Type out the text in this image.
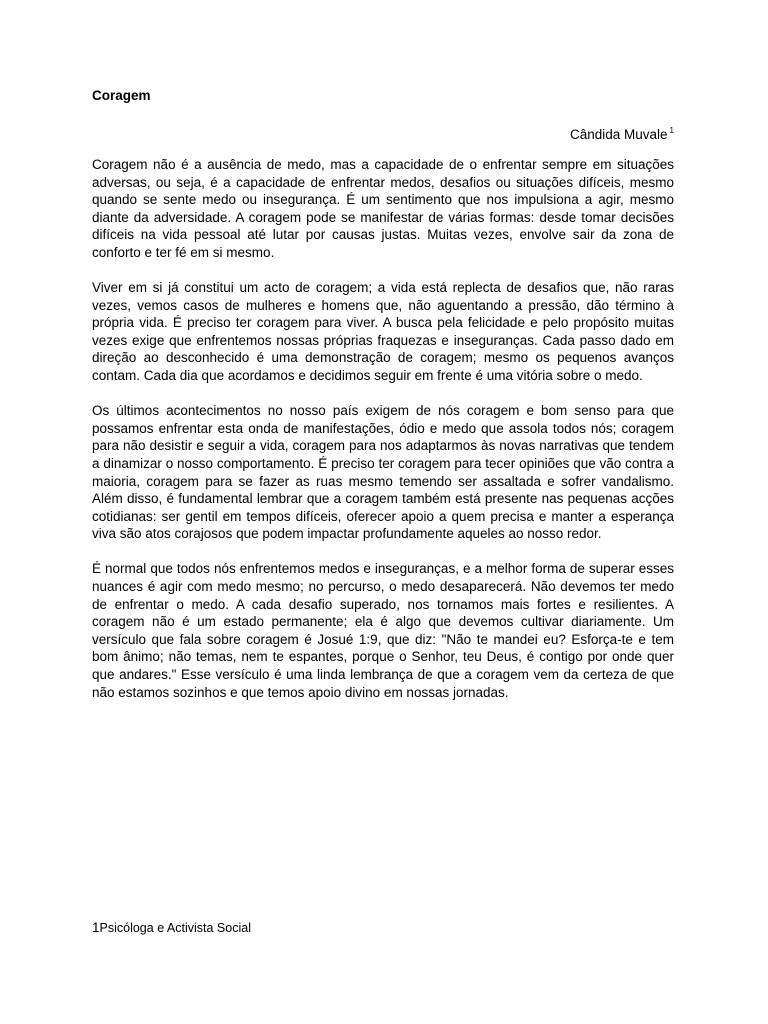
Coragem

Cândida Muvale $^1$

Coragem não é a ausência de medo, mas a capacidade de o enfrentar sempre em situações adversas, ou seja, é a capacidade de enfrentar medos, desafios ou situações difíceis, mesmo quando se sente medo ou insegurança. É um sentimento que nos impulsiona a agir, mesmo diante da adversidade. A coragem pode se manifestar de várias formas: desde tomar decisões difíceis na vida pessoal até lutar por causas justas. Muitas vezes, envolve sair da zona de conforto e ter fé em si mesmo.

Viver em si já constitui um acto de coragem; a vida está replecta de desafios que, não raras vezes, vemos casos de mulheres e homens que, não aguentando a pressão, dão término à própria vida. É preciso ter coragem para viver. A busca pela felicidade e pelo propósito muitas vezes exige que enfrentemos nossas próprias fraquezas e inseguranças. Cada passo dado em direção ao desconhecido é uma demonstração de coragem; mesmo os pequenos avanços contam. Cada dia que acordamos e decidimos seguir em frente é uma vitória sobre o medo.

Os últimos acontecimentos no nosso país exigem de nós coragem e bom senso para que possamos enfrentar esta onda de manifestações, ódio e medo que assola todos nós; coragem para não desistir e seguir a vida, coragem para nos adaptarmos às novas narrativas que tendem a dinamizar o nosso comportamento. É preciso ter coragem para tecer opiniões que vão contra a maioria, coragem para se fazer as ruas mesmo temendo ser assaltada e sofrer vandalismo. Além disso, é fundamental lembrar que a coragem também está presente nas pequenas acções cotidianas: ser gentil em tempos difíceis, oferecer apoio a quem precisa e manter a esperança viva são atos corajosos que podem impactar profundamente aqueles ao nosso redor.

É normal que todos nós enfrentemos medos e inseguranças, e a melhor forma de superar esses nuances é agir com medo mesmo; no percurso, o medo desaparecerá. Não devemos ter medo de enfrentar o medo. A cada desafio superado, nos tornamos mais fortes e resilientes. A coragem não é um estado permanente; ela é algo que devemos cultivar diariamente. Um versículo que fala sobre coragem é Josué 1:9, que diz: "Não te mandei eu? Esforça-te e tem bom ânimo; não temas, nem te espantes, porque o Senhor, teu Deus, é contigo por onde quer que andares." Esse versículo é uma linda lembrança de que a coragem vem da certeza de que não estamos sozinhos e que temos apoio divino em nossas jornadas.

1Psicóloga e Activista Social
